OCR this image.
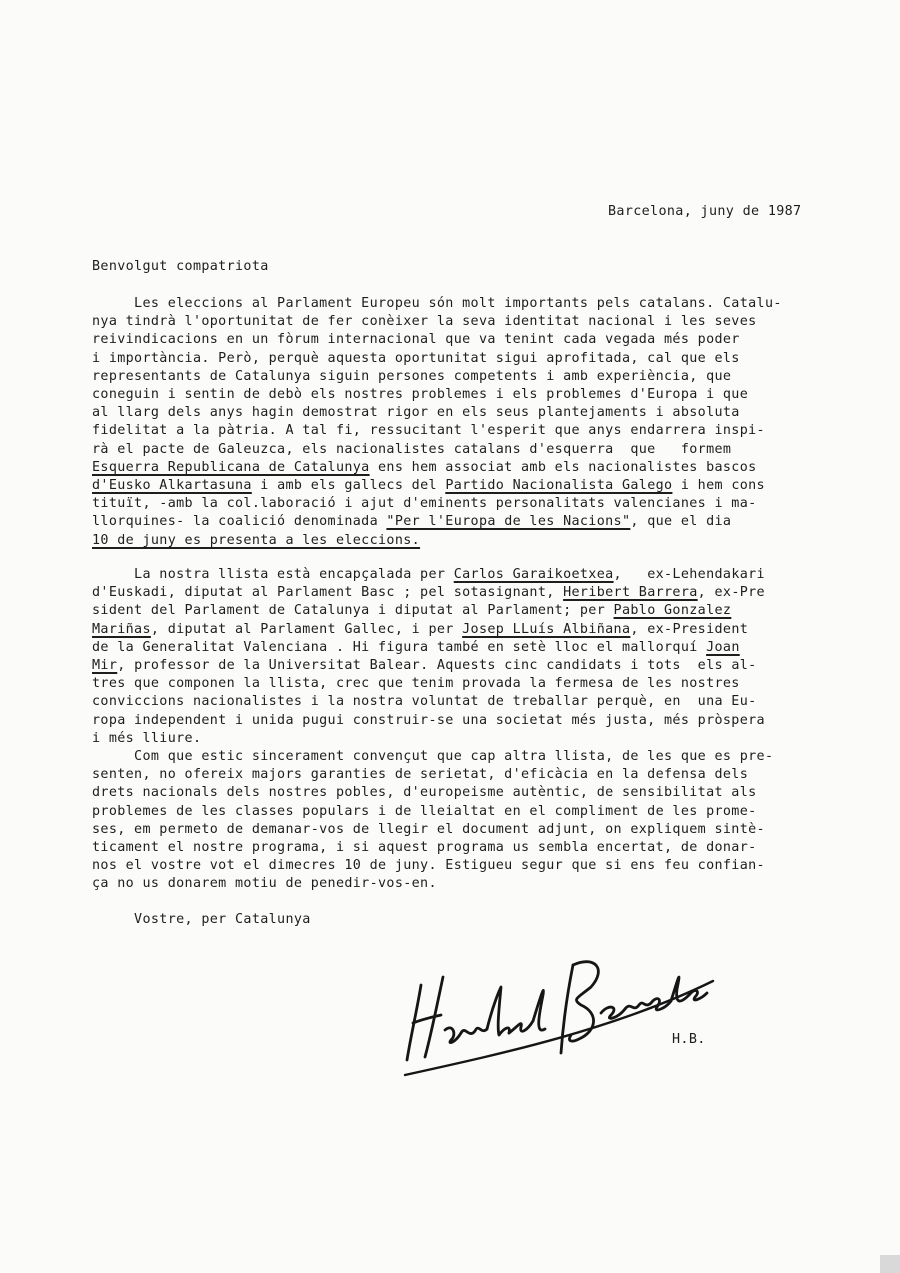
Barcelona, juny de 1987
Benvolgut compatriota
Les eleccions al Parlament Europeu són molt importants pels catalans. Catalu-
nya tindrà l'oportunitat de fer conèixer la seva identitat nacional i les seves
reivindicacions en un fòrum internacional que va tenint cada vegada més poder
i importància. Però, perquè aquesta oportunitat sigui aprofitada, cal que els
representants de Catalunya siguin persones competents i amb experiència, que
coneguin i sentin de debò els nostres problemes i els problemes d'Europa i que
al llarg dels anys hagin demostrat rigor en els seus plantejaments i absoluta
fidelitat a la pàtria. A tal fi, ressucitant l'esperit que anys endarrera inspi-
rà el pacte de Galeuzca, els nacionalistes catalans d'esquerra  que   formem
Esquerra Republicana de Catalunya ens hem associat amb els nacionalistes bascos
d'Eusko Alkartasuna i amb els gallecs del Partido Nacionalista Galego i hem cons
tituït, -amb la col.laboració i ajut d'eminents personalitats valencianes i ma-
llorquines- la coalició denominada "Per l'Europa de les Nacions", que el dia
10 de juny es presenta a les eleccions.
La nostra llista està encapçalada per Carlos Garaikoetxea,   ex-Lehendakari
d'Euskadi, diputat al Parlament Basc ; pel sotasignant, Heribert Barrera, ex-Pre
sident del Parlament de Catalunya i diputat al Parlament; per Pablo Gonzalez
Mariñas, diputat al Parlament Gallec, i per Josep LLuís Albiñana, ex-President
de la Generalitat Valenciana . Hi figura també en setè lloc el mallorquí Joan
Mir, professor de la Universitat Balear. Aquests cinc candidats i tots  els al-
tres que componen la llista, crec que tenim provada la fermesa de les nostres
conviccions nacionalistes i la nostra voluntat de treballar perquè, en  una Eu-
ropa independent i unida pugui construir-se una societat més justa, més pròspera
i més lliure.
Com que estic sincerament convençut que cap altra llista, de les que es pre-
senten, no ofereix majors garanties de serietat, d'eficàcia en la defensa dels
drets nacionals dels nostres pobles, d'europeisme autèntic, de sensibilitat als
problemes de les classes populars i de lleialtat en el compliment de les prome-
ses, em permeto de demanar-vos de llegir el document adjunt, on expliquem sintè-
ticament el nostre programa, i si aquest programa us sembla encertat, de donar-
nos el vostre vot el dimecres 10 de juny. Estigueu segur que si ens feu confian-
ça no us donarem motiu de penedir-vos-en.
Vostre, per Catalunya
H.B.
